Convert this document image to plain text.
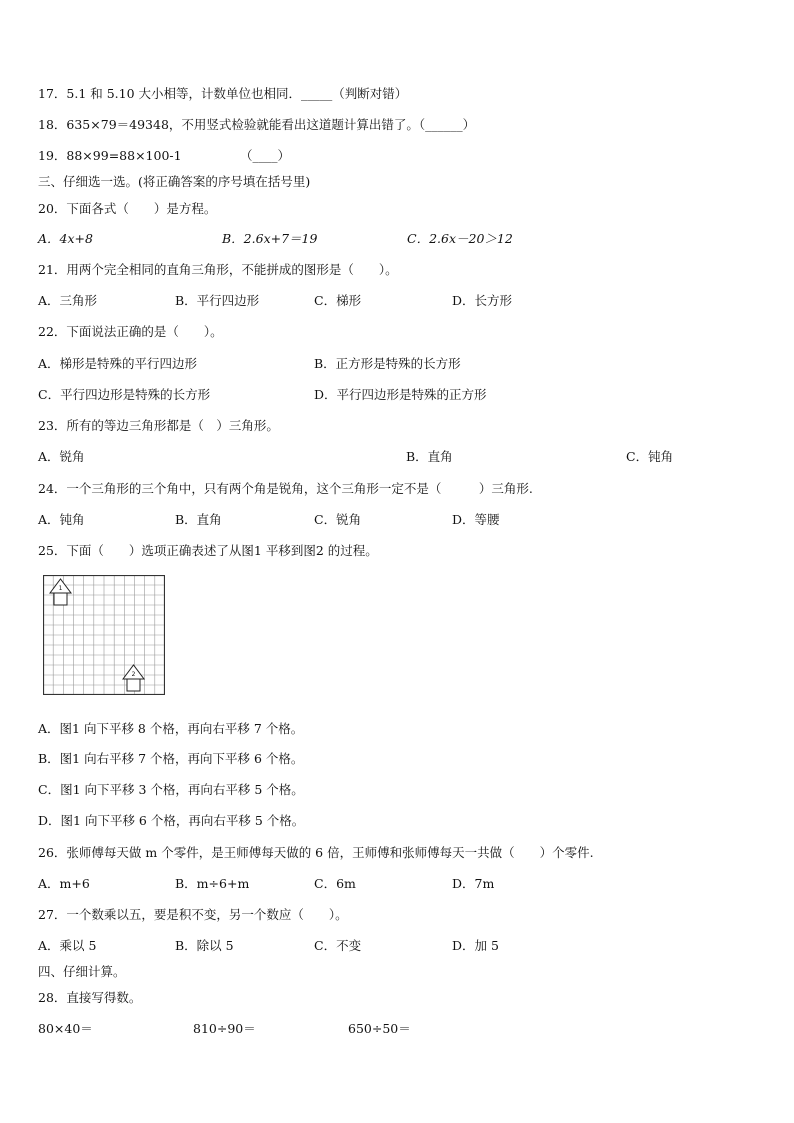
17．5.1 和 5.10 大小相等，计数单位也相同．_____（判断对错）
18．635×79＝49348，不用竖式检验就能看出这道题计算出错了。（______）
19．88×99=88×100-1	（____）
三、仔细选一选。(将正确答案的序号填在括号里)
20．下面各式（　　）是方程。
A．4x+8	B．2.6x+7＝19	C．2.6x－20＞12
21．用两个完全相同的直角三角形，不能拼成的图形是（　　）。
A．三角形	B．平行四边形	C．梯形	D．长方形
22．下面说法正确的是（　　）。
A．梯形是特殊的平行四边形	B．正方形是特殊的长方形
C．平行四边形是特殊的长方形	D．平行四边形是特殊的正方形
23．所有的等边三角形都是（　）三角形。
A．锐角	B．直角	C．钝角
24．一个三角形的三个角中，只有两个角是锐角，这个三角形一定不是（　　　）三角形.
A．钝角	B．直角	C．锐角	D．等腰
25．下面（　　）选项正确表述了从图1 平移到图2 的过程。
1
2
A．图1 向下平移 8 个格，再向右平移 7 个格。
B．图1 向右平移 7 个格，再向下平移 6 个格。
C．图1 向下平移 3 个格，再向右平移 5 个格。
D．图1 向下平移 6 个格，再向右平移 5 个格。
26．张师傅每天做 m 个零件，是王师傅每天做的 6 倍，王师傅和张师傅每天一共做（　　）个零件.
A．m+6	B．m÷6+m	C．6m	D．7m
27．一个数乘以五，要是积不变，另一个数应（　　）。
A．乘以 5	B．除以 5	C．不变	D．加 5
四、仔细计算。
28．直接写得数。
80×40＝	810÷90＝	650÷50＝
